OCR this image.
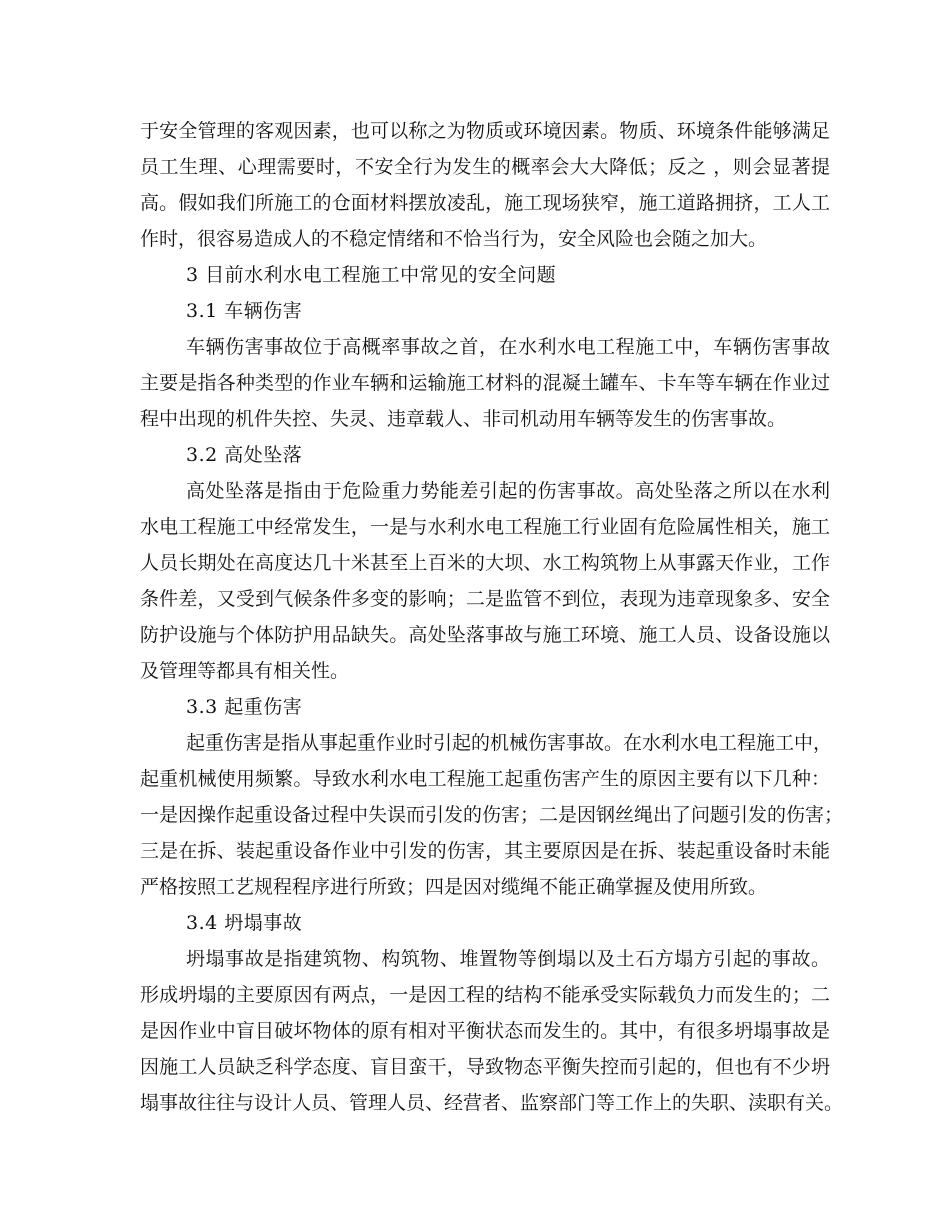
于安全管理的客观因素，也可以称之为物质或环境因素。物质、环境条件能够满足
员工生理、心理需要时，不安全行为发生的概率会大大降低；反之 ，则会显著提
高。假如我们所施工的仓面材料摆放凌乱，施工现场狭窄，施工道路拥挤，工人工
作时，很容易造成人的不稳定情绪和不恰当行为，安全风险也会随之加大。
3 目前水利水电工程施工中常见的安全问题
3.1 车辆伤害
车辆伤害事故位于高概率事故之首，在水利水电工程施工中，车辆伤害事故
主要是指各种类型的作业车辆和运输施工材料的混凝土罐车、卡车等车辆在作业过
程中出现的机件失控、失灵、违章载人、非司机动用车辆等发生的伤害事故。
3.2 高处坠落
高处坠落是指由于危险重力势能差引起的伤害事故。高处坠落之所以在水利
水电工程施工中经常发生，一是与水利水电工程施工行业固有危险属性相关，施工
人员长期处在高度达几十米甚至上百米的大坝、水工构筑物上从事露天作业，工作
条件差，又受到气候条件多变的影响；二是监管不到位，表现为违章现象多、安全
防护设施与个体防护用品缺失。高处坠落事故与施工环境、施工人员、设备设施以
及管理等都具有相关性。
3.3 起重伤害
起重伤害是指从事起重作业时引起的机械伤害事故。在水利水电工程施工中，
起重机械使用频繁。导致水利水电工程施工起重伤害产生的原因主要有以下几种：
一是因操作起重设备过程中失误而引发的伤害；二是因钢丝绳出了问题引发的伤害；
三是在拆、装起重设备作业中引发的伤害，其主要原因是在拆、装起重设备时未能
严格按照工艺规程程序进行所致；四是因对缆绳不能正确掌握及使用所致。
3.4 坍塌事故
坍塌事故是指建筑物、构筑物、堆置物等倒塌以及土石方塌方引起的事故。
形成坍塌的主要原因有两点，一是因工程的结构不能承受实际载负力而发生的；二
是因作业中盲目破坏物体的原有相对平衡状态而发生的。其中，有很多坍塌事故是
因施工人员缺乏科学态度、盲目蛮干，导致物态平衡失控而引起的，但也有不少坍
塌事故往往与设计人员、管理人员、经营者、监察部门等工作上的失职、渎职有关。
